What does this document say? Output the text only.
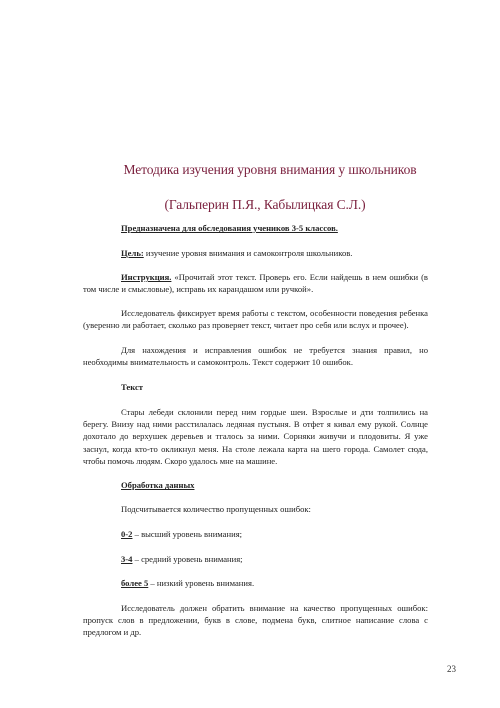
Методика изучения уровня внимания у школьников
(Гальперин П.Я., Кабылицкая С.Л.)

Предназначена для обследования учеников 3-5 классов.

Цель: изучение уровня внимания и самоконтроля школьников.

Инструкция. «Прочитай этот текст. Проверь его. Если найдешь в нем ошибки (в том числе и смысловые), исправь их карандашом или ручкой».

Исследователь фиксирует время работы с текстом, особенности поведения ребенка (уверенно ли работает, сколько раз проверяет текст, читает про себя или вслух и прочее).

Для нахождения и исправления ошибок не требуется знания правил, но необходимы внимательность и самоконтроль. Текст содержит 10 ошибок.

Текст

Стары лебеди склонили перед ним гордые шеи. Взрослые и дти толпились на берегу. Внизу над ними расстилалась ледяная пустыня. В отфет я кивал ему рукой. Солнце дохотало до верхушек деревьев и тгалось за ними. Сорняки живучи и плодовиты. Я уже заснул, когда кто-то окликнул меня. На столе лежала карта на шего города. Самолет сюда, чтобы помочь людям. Скоро удалось мне на машине.

Обработка данных

Подсчитывается количество пропущенных ошибок:

0-2 – высший уровень внимания;

3-4 – средний уровень внимания;

более 5 – низкий уровень внимания.

Исследователь должен обратить внимание на качество пропущенных ошибок: пропуск слов в предложении, букв в слове, подмена букв, слитное написание слова с предлогом и др.

23
